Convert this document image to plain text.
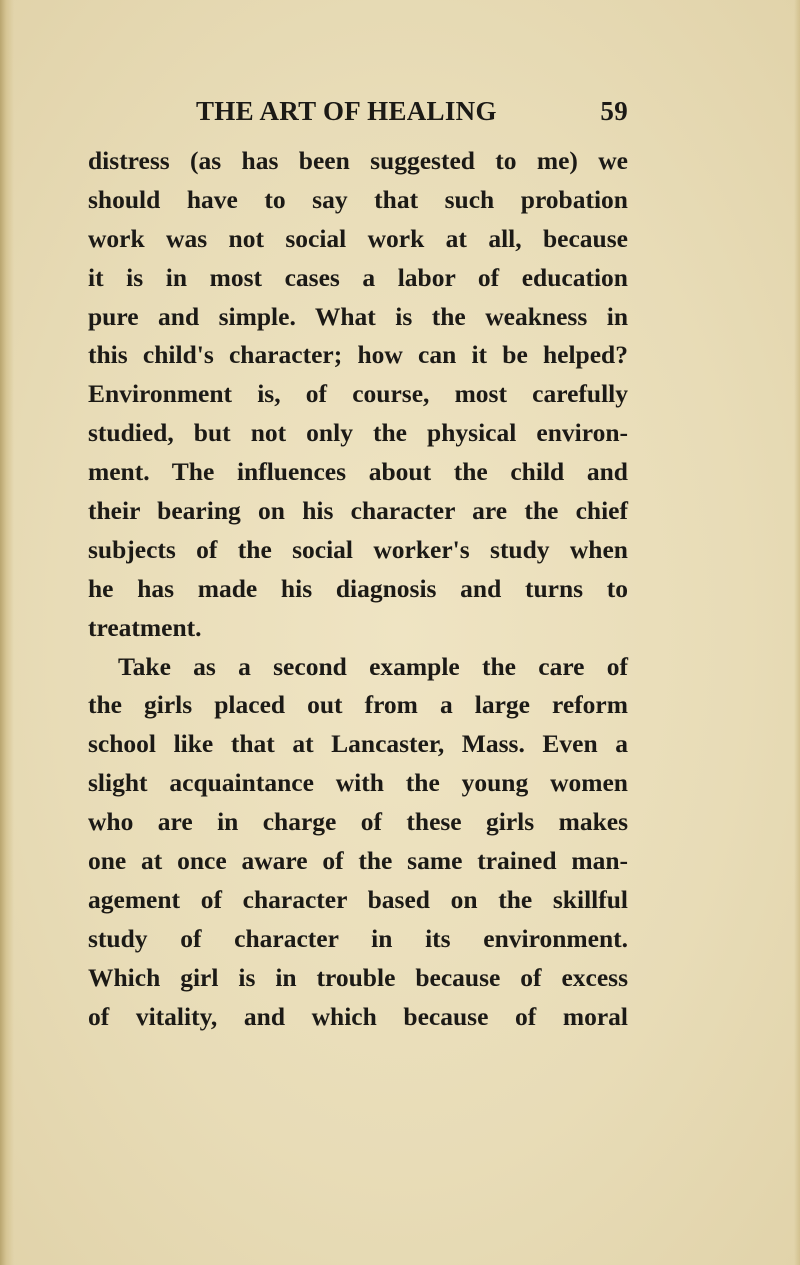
THE ART OF HEALING	59
distress (as has been suggested to me) we
should have to say that such probation
work was not social work at all, because
it is in most cases a labor of education
pure and simple. What is the weakness in
this child's character; how can it be helped?
Environment is, of course, most carefully
studied, but not only the physical environ-
ment. The influences about the child and
their bearing on his character are the chief
subjects of the social worker's study when
he has made his diagnosis and turns to
treatment.
Take as a second example the care of
the girls placed out from a large reform
school like that at Lancaster, Mass. Even a
slight acquaintance with the young women
who are in charge of these girls makes
one at once aware of the same trained man-
agement of character based on the skillful
study of character in its environment.
Which girl is in trouble because of excess
of vitality, and which because of moral
